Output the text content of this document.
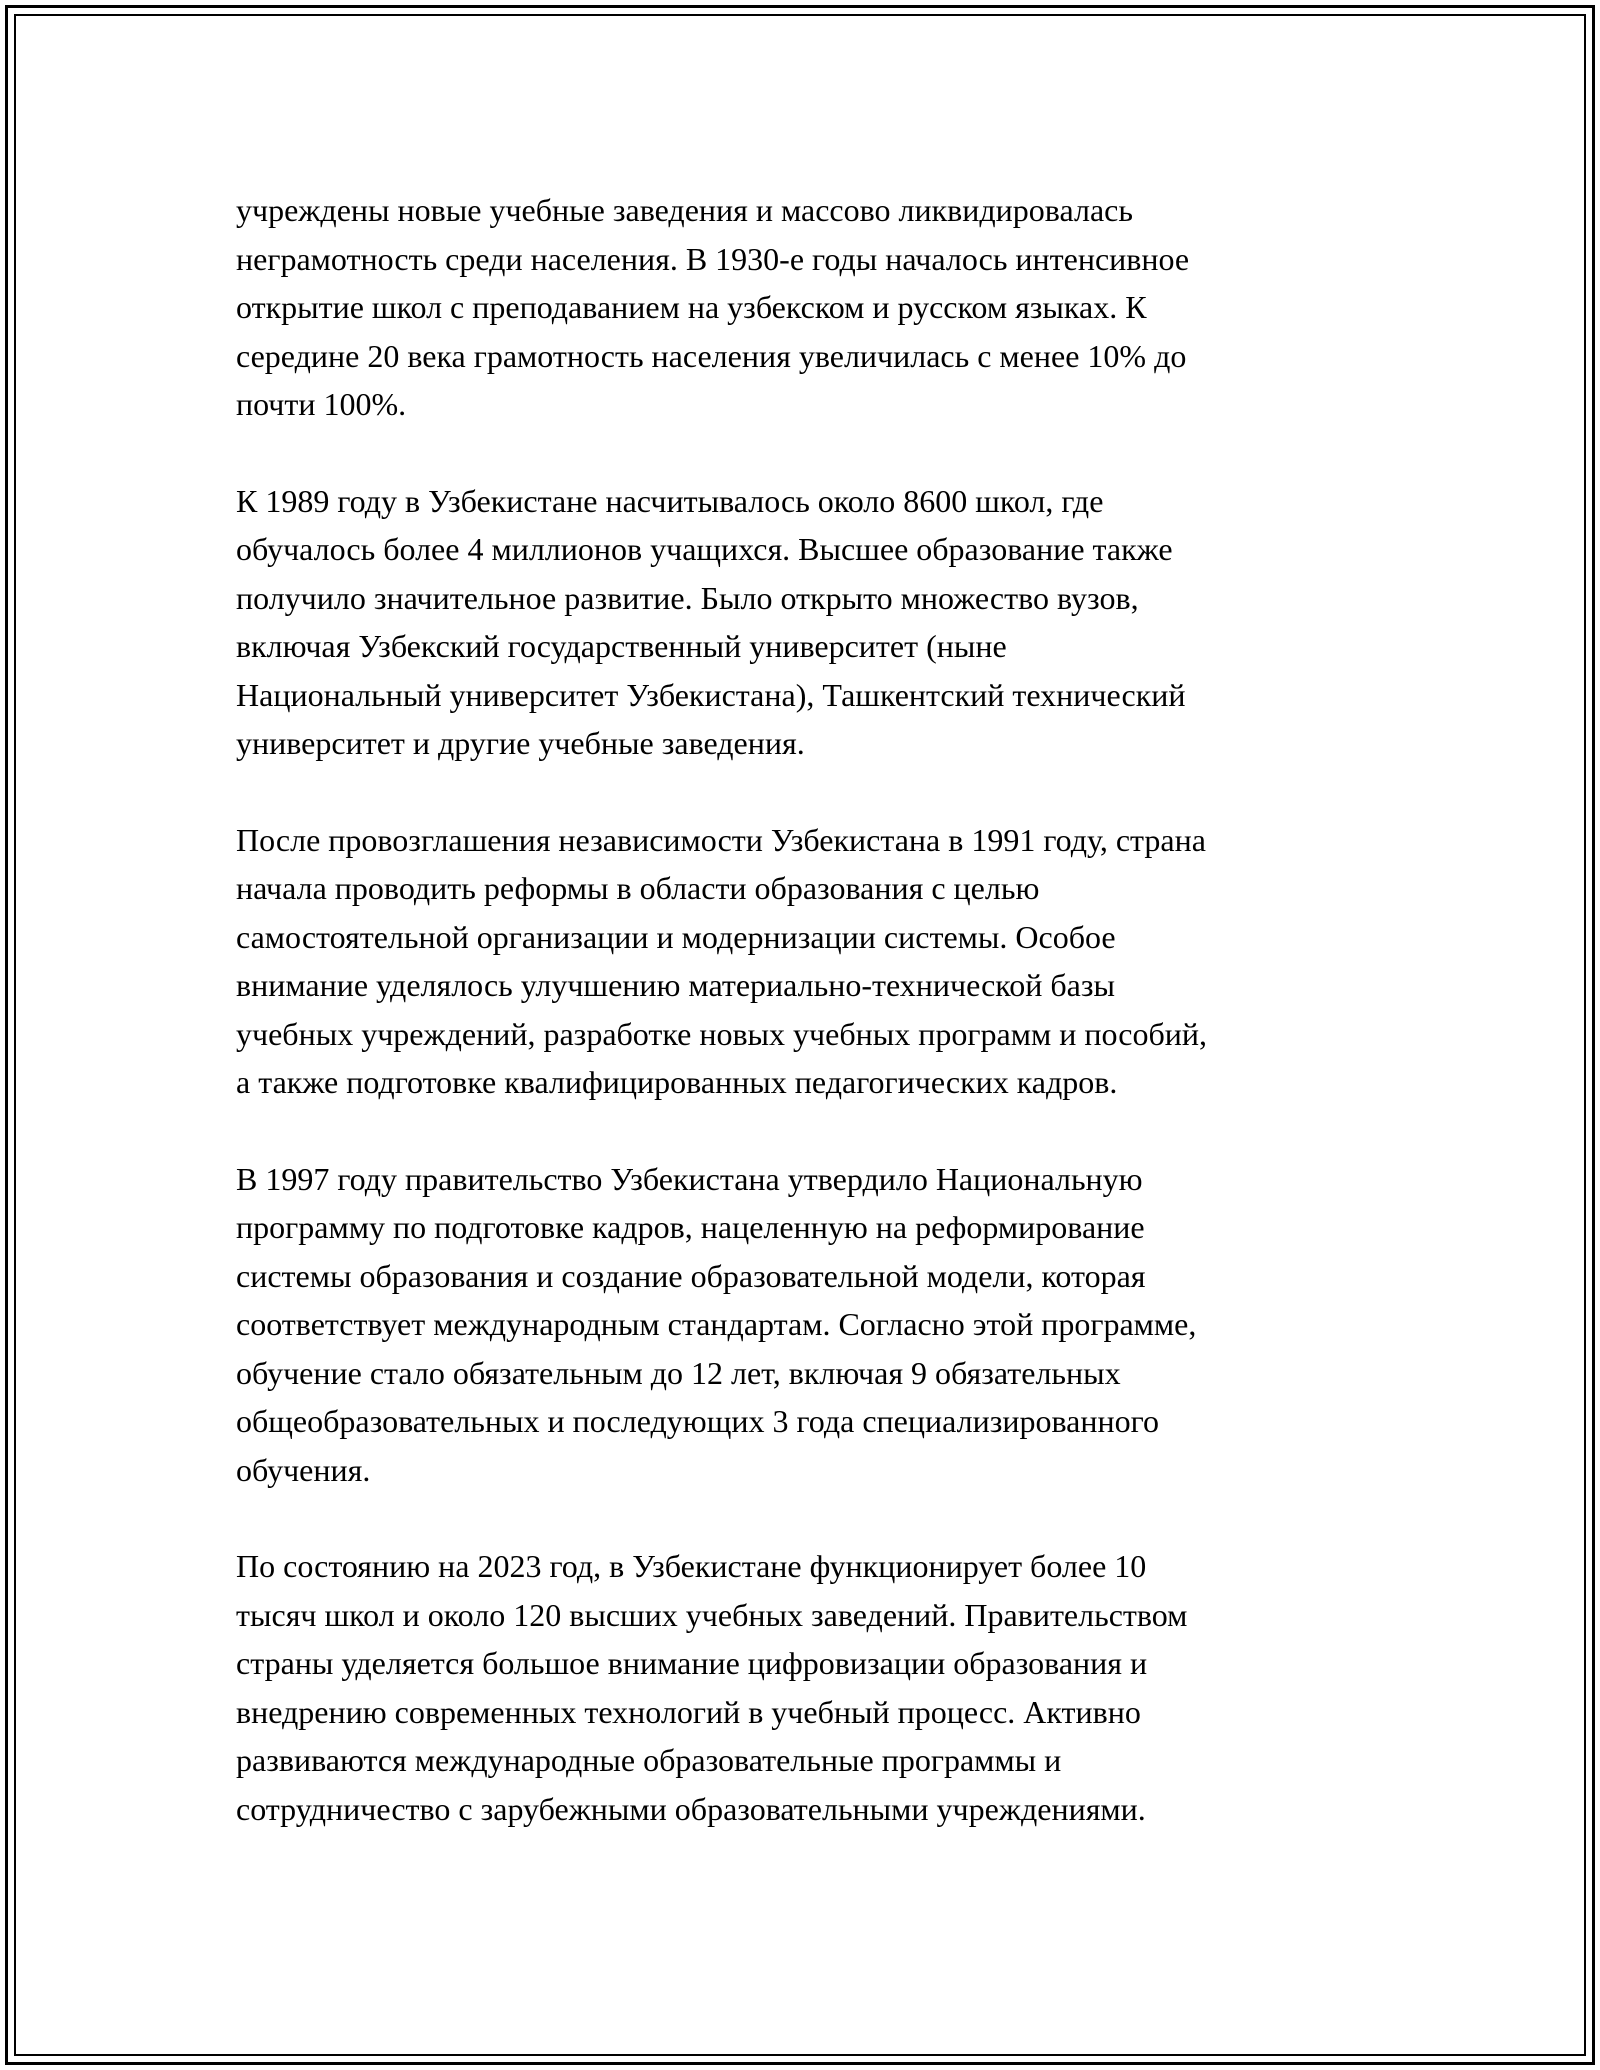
учреждены новые учебные заведения и массово ликвидировалась
неграмотность среди населения. В 1930-е годы началось интенсивное
открытие школ с преподаванием на узбекском и русском языках. К
середине 20 века грамотность населения увеличилась с менее 10% до
почти 100%.

К 1989 году в Узбекистане насчитывалось около 8600 школ, где
обучалось более 4 миллионов учащихся. Высшее образование также
получило значительное развитие. Было открыто множество вузов,
включая Узбекский государственный университет (ныне
Национальный университет Узбекистана), Ташкентский технический
университет и другие учебные заведения.

После провозглашения независимости Узбекистана в 1991 году, страна
начала проводить реформы в области образования с целью
самостоятельной организации и модернизации системы. Особое
внимание уделялось улучшению материально-технической базы
учебных учреждений, разработке новых учебных программ и пособий,
а также подготовке квалифицированных педагогических кадров.

В 1997 году правительство Узбекистана утвердило Национальную
программу по подготовке кадров, нацеленную на реформирование
системы образования и создание образовательной модели, которая
соответствует международным стандартам. Согласно этой программе,
обучение стало обязательным до 12 лет, включая 9 обязательных
общеобразовательных и последующих 3 года специализированного
обучения.

По состоянию на 2023 год, в Узбекистане функционирует более 10
тысяч школ и около 120 высших учебных заведений. Правительством
страны уделяется большое внимание цифровизации образования и
внедрению современных технологий в учебный процесс. Активно
развиваются международные образовательные программы и
сотрудничество с зарубежными образовательными учреждениями.
